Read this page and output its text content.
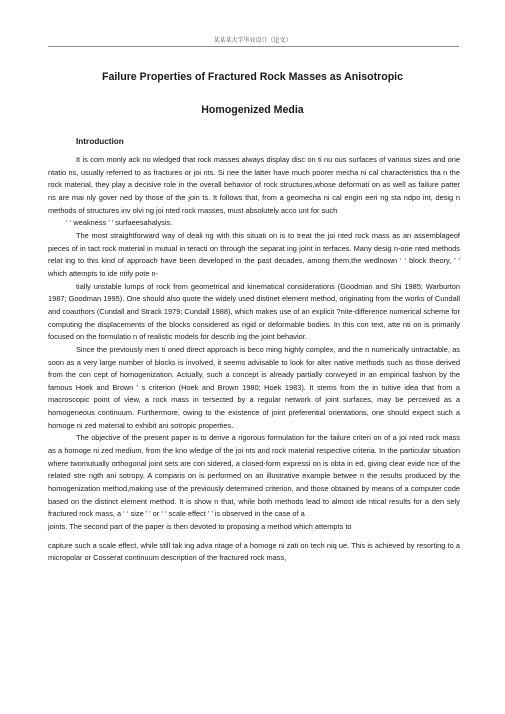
某某某大学毕业设计（论文）
Failure Properties of Fractured Rock Masses as Anisotropic
Homogenized Media
Introduction

It is com monly ack no wledged that rock masses always display disc on ti nu ous surfaces of various sizes and orie ntatio ns, usually referred to as fractures or joi nts. Si nee the latter have much poorer mecha ni cal characteristics tha n the rock material, they play a decisive role in the overall behavior of rock structures,whose deformati on as well as failure patter ns are mai nly gover ned by those of the join ts. It follows that, from a geomecha ni cal engin eeri ng sta ndpo int, desig n methods of structures inv olvi ng joi nted rock masses, must absolutely acco unt for such

‘ ‘ weakness ’ ’ surfaeesahalysis.

The most straightforward way of deali ng with this situati on is to treat the joi nted rock mass as an assemblageof pieces of in tact rock material in mutual in teracti on through the separat ing joint in terfaces. Many desig n-orie nted methods relat ing to this kind of approach have been developed in the past decades, among them,the wedlnown ‘ ‘ block theory, ’ ’ which attempts to ide ntify pote n-

tially unstable lumps of rock from geometrical and kinematical considerations (Goodman and Shi 1985; Warburton 1987; Goodman 1995). One should also quote the widely used distinet element method, originating from the works of Cundall and coauthors (Cundall and Strack 1979; Cundall 1988), which makes use of an explicit ?nite-difference numerical scheme for computing the displacements of the blocks considered as rigid or deformable bodies. In this con text, atte nti on is primarily focused on the formulatio n of realistic models for describ ing the joint behavior.

Since the previously men ti oned direct approach is beco ming highly complex, and the n numerically untractable, as soon as a very large number of blocks is involved, it seems advisable to look for alter native methods such as those derived from the con cept of homogenization. Actually, such a concept is already partially conveyed in an empirical fashion by the famous Hoek and Brown ’ s criterion (Hoek and Brown 1980; Hoek 1983). It stems from the in tuitive idea that from a macroscopic point of view, a rock mass in tersected by a regular network of joint surfaces, may be perceived as a homogeneous continuum. Furthermore, owing to the existence of joint preferential orientations, one should expect such a homoge ni zed material to exhibit ani sotropic properties.

The objective of the present paper is to derive a rigorous formulation for the failure criteri on of a joi nted rock mass as a homoge ni zed medium, from the kno wledge of the joi nts and rock material respective criteria. In the particular situation where twomutually orthogonal joint sets are con sidered, a closed-form expressi on is obta in ed, giving clear evide nce of the related stre ngth ani sotropy. A comparis on is performed on an illustrative example betwee n the results produced by the homogenization method,making use of the previously determined criterion, and those obtained by means of a computer code based on the distinct element method. It is show n that, while both methods lead to almost ide ntical results for a den sely fractured rock mass, a ‘ ‘ size ’ ’ or ‘ ‘ scale effect ’ ’ is observed in the case of a

joints. The second part of the paper is then devoted to proposing a method which attempts to

capture such a scale effect, while still tak ing adva ntage of a homoge ni zati on tech niq ue. This is achieved by resorting to a micropolar or Cosserat continuum description of the fractured rock mass,
